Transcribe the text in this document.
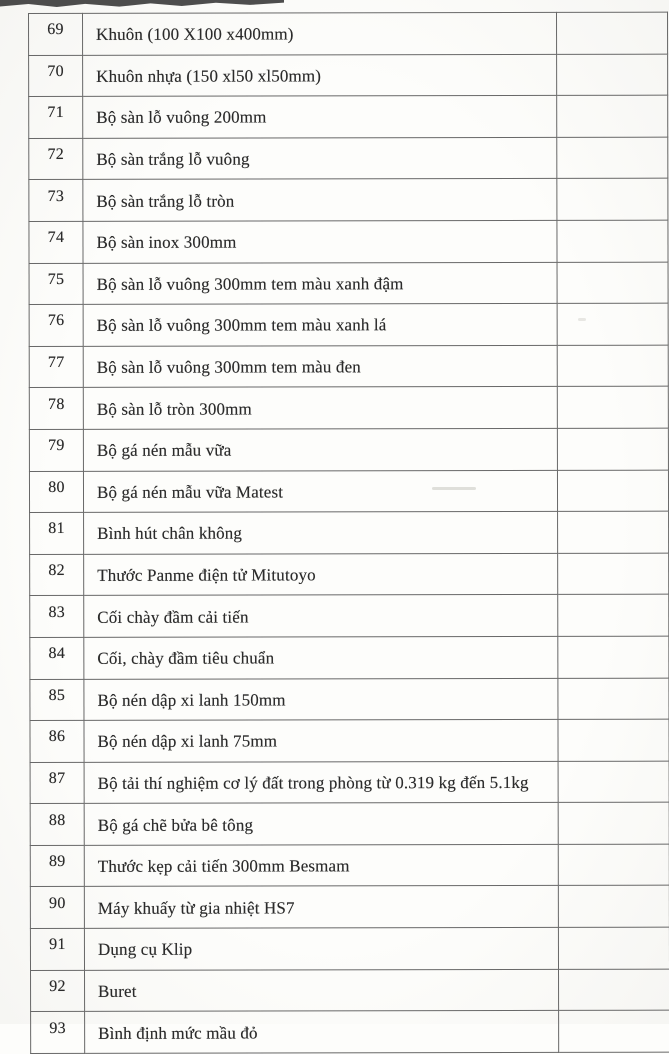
69	Khuôn (100 X100 x400mm)	
70	Khuôn nhựa (150 xl50 xl50mm)	
71	Bộ sàn lỗ vuông 200mm	
72	Bộ sàn trắng lỗ vuông	
73	Bộ sàn trắng lỗ tròn	
74	Bộ sàn inox 300mm	
75	Bộ sàn lỗ vuông 300mm tem màu xanh đậm	
76	Bộ sàn lỗ vuông 300mm tem màu xanh lá	
77	Bộ sàn lỗ vuông 300mm tem màu đen	
78	Bộ sàn lỗ tròn 300mm	
79	Bộ gá nén mẫu vữa	
80	Bộ gá nén mẫu vữa Matest	
81	Bình hút chân không	
82	Thước Panme điện tử Mitutoyo	
83	Cối chày đầm cải tiến	
84	Cối, chày đầm tiêu chuẩn	
85	Bộ nén dập xi lanh 150mm	
86	Bộ nén dập xi lanh 75mm	
87	Bộ tải thí nghiệm cơ lý đất trong phòng từ 0.319 kg đến 5.1kg	
88	Bộ gá chẽ bửa bê tông	
89	Thước kẹp cải tiến 300mm Besmam	
90	Máy khuấy từ gia nhiệt HS7	
91	Dụng cụ Klip	
92	Buret	
93	Bình định mức mầu đỏ	
